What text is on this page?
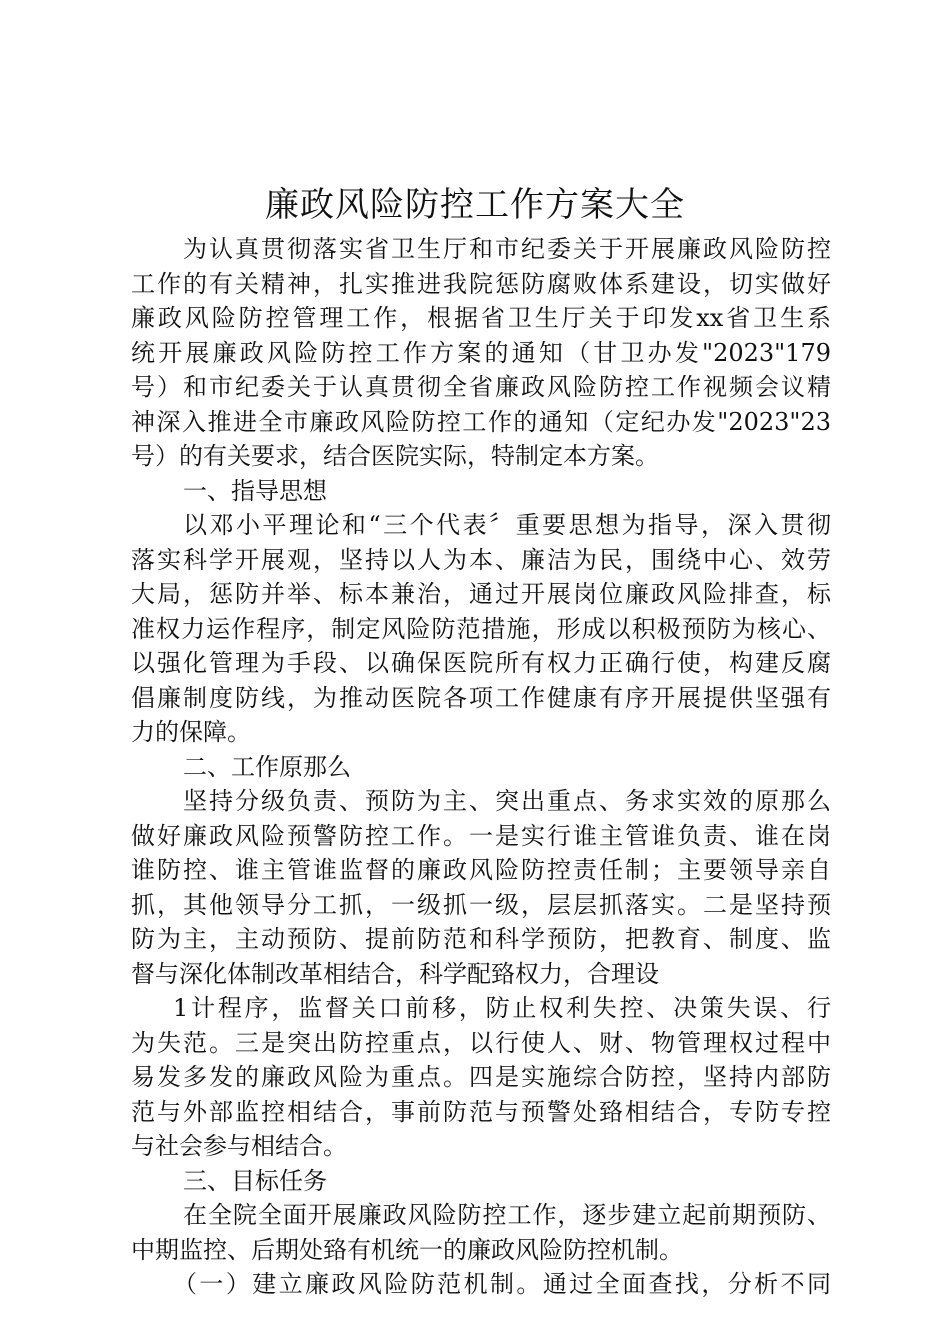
廉政风险防控工作方案大全
为认真贯彻落实省卫生厅和市纪委关于开展廉政风险防控
工作的有关精神，扎实推进我院惩防腐败体系建设，切实做好
廉政风险防控管理工作，根据省卫生厅关于印发xx省卫生系
统开展廉政风险防控工作方案的通知（甘卫办发"2023"179
号）和市纪委关于认真贯彻全省廉政风险防控工作视频会议精
神深入推进全市廉政风险防控工作的通知（定纪办发"2023"23
号）的有关要求，结合医院实际，特制定本方案。
一、指导思想
以邓小平理论和“三个代表〞重要思想为指导，深入贯彻
落实科学开展观，坚持以人为本、廉洁为民，围绕中心、效劳
大局，惩防并举、标本兼治，通过开展岗位廉政风险排查，标
准权力运作程序，制定风险防范措施，形成以积极预防为核心、
以强化管理为手段、以确保医院所有权力正确行使，构建反腐
倡廉制度防线，为推动医院各项工作健康有序开展提供坚强有
力的保障。
二、工作原那么
坚持分级负责、预防为主、突出重点、务求实效的原那么
做好廉政风险预警防控工作。一是实行谁主管谁负责、谁在岗
谁防控、谁主管谁监督的廉政风险防控责任制；主要领导亲自
抓，其他领导分工抓，一级抓一级，层层抓落实。二是坚持预
防为主，主动预防、提前防范和科学预防，把教育、制度、监
督与深化体制改革相结合，科学配臵权力，合理设
1计程序，监督关口前移，防止权利失控、决策失误、行
为失范。三是突出防控重点，以行使人、财、物管理权过程中
易发多发的廉政风险为重点。四是实施综合防控，坚持内部防
范与外部监控相结合，事前防范与预警处臵相结合，专防专控
与社会参与相结合。
三、目标任务
在全院全面开展廉政风险防控工作，逐步建立起前期预防、
中期监控、后期处臵有机统一的廉政风险防控机制。
（一）建立廉政风险防范机制。通过全面查找，分析不同
